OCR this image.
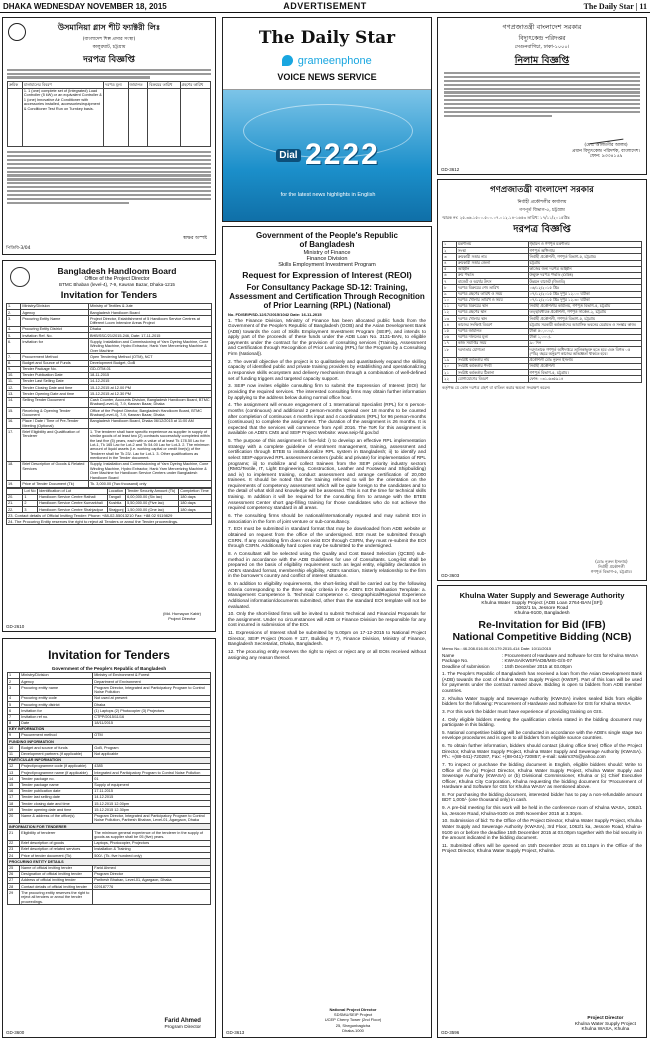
DHAKA WEDNESDAY NOVEMBER 18, 2015	ADVERTISEMENT	The Daily Star | 11
উসমানিয়া গ্লাস শীট ফ্যাক্টরী লিঃ
(বাংলাদেশ শিল্প প্রসার সংস্থা)
কালুরঘাট, চট্টগ্রাম
দরপত্র বিজ্ঞপ্তি
ক্রমিক	মালামালের বিবরণ	দরপত্র মূল্য	জামানত	বিক্রয়ের তারিখ	গ্রহণের তারিখ
	1. 1 (one) complete set of (Integrated) Load Controller (5 kW) or an equivalent Controller & 1 (one) Innovative Air Conditioner with accessories installed, accessories/equipment & Conditioner Test Run on Turnkey basis.				
স্বাক্ষর অস্পষ্ট
পিডিবি-3/04
Bangladesh Handloom Board
Office of the Project Director
BTMC Bhaban (level-4), 7-9, Kawran Bazar, Dhaka-1215
Invitation for Tenders
1.	Ministry/Division	Ministry of Textiles & Jute
2.	Agency	Bangladesh Handloom Board
3.	Procuring Entity Name	Project Director, Establishment of 5 Handloom Service Centres at Different Loom Intensive Areas Project
4.	Procuring Entity District	Dhaka
5.	Invitation Ref. No.	BHB/SSC/21/2015-246, Date: 17-11-2015
6.	Invitation for	Supply, Installation and Commissioning of Yarn Dyeing Machine, Cone Winding Machine, Hydro Extractor, Hank Yarn Mercerizing Machine & Over Machine
7.	Procurement Method	Open Tendering Method (OTM), NCT
8.	Budget and Source of Funds	Development Budget, GoB
9.	Tender Package No.	GD-OTM-01
10.	Tender Publication Date	18-11-2015
11.	Tender Last Selling Date	14-12-2015
12.	Tender Closing Date and time	15-12-2015 at 12.00 PM
13.	Tender Opening Date and time	15-12-2015 at 12.30 PM
14.	Selling Tender Document	Cash Counter, Accounts Division, Bangladesh Handloom Board, BTMC Bhaban(Level-4), 7-9, Kawran Bazar, Dhaka
15.	Receiving & Opening Tender Document	Office of the Project Director, Bangladesh Handloom Board, BTMC Bhaban(Level-4), 7-9, Kawran Bazar, Dhaka
16.	Place / Date / Time of Pre-Tender Meeting (Optional)	Bangladesh Handloom Board, Dhaka 06/12/2015 at 11:00 AM
17.	Brief Eligibility and Qualification of Tenderer	1. The tenderer shall have specific experience as supplier in supply of similar goods of at least two (2) contracts successfully completed within the last five (5) years, each with a value of at least Tk 178.50 Lac for Lot-1, Tk 165 Lac for Lot-2 and Tk 54.00 Lac for Lot-3. 2. The minimum amount of liquid assets (i.e. working capital or credit line(s)) of the Tenderer shall be Tk 23/- Lac for Lot-1. 3. Other qualifications as mentioned in the Tender document.
18.	Brief Description of Goods & Related Services	Supply, Installation and Commissioning of Yarn Dyeing Machine, Cone Winding Machine, Hydro Extractor, Hank Yarn Mercerizing Machine & Over Machine for Handloom Service Centers under Bangladesh Handloom Board
19.	Price of Tender Document (Tk)	Tk. 3,000.00 (Two thousand) only
	Lot No	Identification of Lot	Location	Tender Security Amount (Tk)	Completion Time
20.	1	Handloom Service Centre Rathali	Tangail	6,00,000.00 (Six lac)	180 days
21.	2	Handloom Service Centre Kumarkhali	Kushtia	5,50,000.00 (Five lac)	180 days
22.	3	Handloom Service Centre Shahjadpur	Sirajgonj	1,50,000.00 (One lac)	180 days
23. Contact details of Official Inviting Tender: Phone: +88-02-55013210 Fax: +88 02 9119829
24. The Procuring Entity reserves the right to reject all Tenders or annul the Tender proceedings.
(Md. Humayun Kabir)
Project Director
GD-2610
Invitation for Tenders
Government of the People's Republic of Bangladesh
1	Ministry/Division	Ministry of Environment & Forest
2	Agency	Department of Environment
3	Procuring entity name	Program Director, Integrated and Participatory Program to Control Noise Pollution
4	Procuring entity code	Not used at present
5	Procuring entity district	Dhaka
6	Invitation for	(1) Laptops (2) Photocopier (3) Projectors
7	Invitation ref no.	CTPP/2015/11/16
8	Date	18/11/2015
KEY INFORMATION		
9	Procurement method	OTM
FUNDING INFORMATION		
10	Budget and source of funds	GoB, Program
11	Development partners (if applicable)	Not applicable
PARTICULAR INFORMATION		
12	Project/programme code (if applicable)	4385
13	Project/programme name (if applicable)	Integrated and Participatory Program to Control Noise Pollution
14	Tender package no.	01
15	Tender package name	Supply of equipment
16	Tender publication date	17.11.2015
17	Tender last selling date	14.12.2015
18	Tender closing date and time	15.12.2015 12.00pm
19	Tender opening date and time	15.12.2015 12.30pm
20	Name & address of the office(s)	Program Director, Integrated and Participatory Program to Control Noise Pollution, Paribesh Bhaban, Level-01, Agargaon, Dhaka
INFORMATION FOR TENDERER		
21	Eligibility of tenderer	The minimum general experience of the tenderer in the supply of goods as supplier shall be 05 (five) years.
22	Brief description of goods	Laptops, Photocopier, Projectors
23	Brief description of related services	Installation & Training
24	Price of tender document (Tk)	500/- (Tk. five hundred only)
PROCURING ENTITY DETAILS		
25	Name of official inviting tender	Farid Ahmed
26	Designation of official inviting tender	Program Director
27	Address of official inviting tender	Paribesh Bhaban, Level-01, Agargaon, Dhaka
28	Contact details of official inviting tender	029187776
29	The procuring entity reserves the right to reject all tenders or annul the tender proceedings.	
Farid Ahmed
Program Director
GD-3600
The Daily Star
grameenphone
VOICE NEWS SERVICE
Dial 2222
for the latest news highlights in English
Government of the People's Republic
of Bangladesh
Ministry of Finance
Finance Division
Skills Employment Investment Program
Request for Expression of Interest (REOI)
For Consultancy Package SD-12: Training, Assessment and Certification Through Recognition of Prior Learning (RPL) (National)
No. FD/SEIP/SD-12/17/2015/1042 Date: 16-11-2015

1. The Finance Division, Ministry of Finance has been allocated public funds from the Government of the People's Republic of Bangladesh (GOB) and the Asian Development Bank (ADB) towards the cost of Skills Employment Investment Program (SEIP), and intends to apply part of the proceeds of these funds under the ADB Loan No. 3131-BAN, to eligible payments under the contract for the provision of consulting services (Training, Assessment and Certification through Recognition of Prior Learning (RPL) for the Program by a Consulting Firm (National)).

2. The overall objective of the project is to qualitatively and quantitatively expand the skilling capacity of identified public and private training providers by establishing and operationalizing a responsive skills ecosystem and delivery mechanism through a combination of well-defined set of funding triggers and targeted capacity support.

3. SEIP now invites eligible consulting firm to submit the Expression of Interest (EOI) for providing the required services. The interested consulting firms may obtain further information by applying to the address below during normal office hour.

4. The assignment will ensure engagement of 1 International Specialist (RPL) for 6 person-months (continuous) and additional 2 person-months spread over 18 months to be counted after completion of continuous 4 months input and 4 coordinators (RPL) for 96 person-months (continuous) to complete the assignment. The duration of the assignment is 26 months. It is expected that the services will commence from April 2016. The ToR for this assignment is available on ADB's CMS and SEIP Project Website: www.seip-fd.gov.bd

5. The purpose of this assignment is five-fold: i) to develop an effective RPL implementation strategy with a complete guideline of enrolment management, training, assessment and certification through BTEB to institutionalize RPL system in Bangladesh; ii) to identify and select SEIP-approved RPL assessment centers (public and private) for implementation of RPL programs; iii) to mobilize and collect trainees from the SEIP priority industry sectors (RMG/Textile, IT, Light Engineering, Construction, Leather and Footwear and Shipbuilding) and iv) to implement training, conduct assessment and arrange certification of 20,000 trainees. It should be noted that the training referred to will be the orientation on the requirements of competency assessment which will be quite foreign to the candidates and to the detail of what skill and knowledge will be assessed. This is not the time for technical skills training. In addition it will be required for the consulting firm to arrange with the BTEB Assessment Center short gap-filling training for those candidates who do not achieve the required competency standard in all areas.

6. The consulting firms should be national/internationally reputed and may submit EOI in association in the form of joint venture or sub-consultancy.

7. EOI must be submitted in standard format that may be downloaded from ADB website or obtained on request from the office of the undersigned. EOI must be submitted through CSRN. If any consulting firm does not exist EOI through CSRN, they must re-submit the EOI through CSRN. Additionally hard copies may be submitted to the undersigned.

8. A Consultant will be selected using the Quality and Cost Based Selection (QCBS) sub-method in accordance with the ADB Guidelines for use of Consultants. Long-list shall be prepared on the basis of eligibility requirement such as legal entity, eligibility declaration in ADB's standard format, membership eligibility, ADB's sanction, Sisterly relationship to the firm in the borrower's country and conflict of interest situation.

9. In addition to eligibility requirements, the short-listing shall be carried out by the following criteria corresponding to the three major criteria in the ADB's EOI Evaluation Template: a. Management Competence b. Technical Competence c. Geographical/Regional Experience Additional information/documents submitted, other than the standard EOI template will not be evaluated.

10. Only the short-listed firms will be invited to submit Technical and Financial Proposals for the assignment. Under no circumstances will ADB or Finance Division be responsible for any cost incurred in submission of the EOI.

11. Expressions of Interest shall be submitted by 5.00pm on 17-12-2015 to National Project Director, SEIP Project (Room # 127, Building # 7), Finance Division, Ministry of Finance, Bangladesh Secretariat, Dhaka, Bangladesh.

12. The procuring entity reserves the right to reject or reject any or all EOIs received without assigning any reason thereof.

National Project Director
SDSMU/SEIP Project
UCEP Cherry Tower (2nd Floor)
25, Shegunbagicha
Dhaka-1000
GD-3613
গণপ্রজাতন্ত্রী বাংলাদেশ সরকার
বিদ্যুৎকেন্দ্র পরিদপ্তর
সেগুনবাগিচা, ঢাকা-১০০০।
নিলাম বিজ্ঞপ্তি
(মোঃ আলমগীর আলম)
প্রধান বিদ্যুৎকেন্দ্র পরিদর্শক, বাংলাদেশ।
ফোন: ৯৩৩৪১৫৯
GD-3612
গণপ্রজাতন্ত্রী বাংলাদেশ সরকার
নির্বাহী প্রকৌশলীর কার্যালয়
গণপূর্ত বিভাগ-৫, চট্টগ্রাম
স্মারক নং: ২৫.৩৬.১৫০০.৫০০.০৭.০১২.১৪-১৬৫৩ তারিখ: ১৭/১১/২০১৫খ্রিঃ
দরপত্র বিজ্ঞপ্তি
১	মন্ত্রণালয়	গৃহায়ন ও গণপূর্ত মন্ত্রণালয়
২	সংস্থা	গণপূর্ত অধিদপ্তর
৩	ক্রয়কারী সত্তার নাম	নির্বাহী প্রকৌশলী, গণপূর্ত বিভাগ-৫, চট্টগ্রাম।
৪	ক্রয়কারী সত্তার জেলা	চট্টগ্রাম
৫	আহ্বান	কাজের জন্য দরপত্র আহ্বান
৬	ক্রয় পদ্ধতি	উন্মুক্ত দরপত্র পদ্ধতি (OTM)
৭	বাজেট ও অর্থের উৎস	উন্নয়ন বাজেট (জিওবি)
৮	দরপত্র বিক্রয়ের শেষ তারিখ	০৬/১২/২০১৫ খ্রিঃ
৯	দরপত্র গ্রহণের তারিখ ও সময়	০৭/১২/২০১৫ খ্রিঃ দুপুর ১২.০০ ঘটিকা
১০	দরপত্র খোলার তারিখ ও সময়	০৭/১২/২০১৫ খ্রিঃ দুপুর ১২.৩০ ঘটিকা
১১	দরপত্র বিক্রয়ের স্থান	নির্বাহী প্রকৌশলীর কার্যালয়, গণপূর্ত বিভাগ-৫, চট্টগ্রাম
১২	দরপত্র গ্রহণের স্থান	তত্ত্বাবধায়ক প্রকৌশলী, গণপূর্ত সার্কেল-২, চট্টগ্রাম
১৩	দরপত্র খোলার স্থান	নির্বাহী প্রকৌশলী, গণপূর্ত বিভাগ-৫, চট্টগ্রাম
১৪	কাজের সংক্ষিপ্ত বিবরণ	চট্টগ্রাম সরকারী কর্মকর্তাদের আবাসিক ভবনের মেরামত ও সংস্কার কাজ।
১৫	দরপত্র জামানত	টাকা ৫০,০০০/-
১৬	দরপত্র দলিলের মূল্য	টাকা ১,০০০/-
১৭	কাজ সমাপ্তির সময়	৯০ দিন
১৮	দরদাতার যোগ্যতা	দরদাতাকে গণপূর্ত অধিদপ্তরে তালিকাভুক্ত হতে হবে এবং বিগত ০৫ (পাঁচ) বছরে অনুরূপ কাজের অভিজ্ঞতা থাকতে হবে।
১৯	সংশ্লিষ্ট কর্মকর্তার নাম	প্রকৌশলী মোঃ নুরুল ইসলাম
২০	সংশ্লিষ্ট কর্মকর্তার পদবী	নির্বাহী প্রকৌশলী
২১	সংশ্লিষ্ট কর্মকর্তার ঠিকানা	গণপূর্ত বিভাগ-৫, চট্টগ্রাম।
২২	যোগাযোগের বিবরণ	ফোন: ০৩১-৬৩৫৯১৪
কর্তৃপক্ষ যে কোন দরপত্র গ্রহণ বা বাতিল করার ক্ষমতা সংরক্ষণ করেন।
(মোঃ নুরুল ইসলাম)
নির্বাহী প্রকৌশলী
গণপূর্ত বিভাগ-৫, চট্টগ্রাম।
GD-3603
Khulna Water Supply and Sewerage Authority
Khulna Water Supply Project (ADB Loan 2764-BAN [SF])
1062/1 ta, Jessore Road
Khulna-9100, Bangladesh
Re-Invitation for Bid (IFB)
National Competitive Bidding (NCB)
Memo No.: 46.208.016.00.00.179.2015-414 Date: 10/11/2015
Name	: Procurement of Hardware and Software for GIS for Khulna WASA
Package No.	: KWASA/KWSP/ADB/MIS-G/S-07
Deadline of submission	: 15th December 2015 at 03.00pm

1. The People's Republic of Bangladesh has received a loan from the Asian Development Bank (ADB) towards the cost of Khulna Water Supply Project (KWSP). Part of this loan will be used for payments under the contract named above. Bidding is open to bidders from ADB member countries.

2. Khulna Water Supply and Sewerage Authority (KWASA) invites sealed bids from eligible bidders for the following: Procurement of Hardware and Software for GIS for Khulna WASA

3. For this work the bidder must have experience of providing training on GIS.

4. Only eligible bidders meeting the qualification criteria stated in the bidding document may participate in this bidding.

5. National competitive bidding will be conducted in accordance with the ADB's single stage two envelope procedures and is open to all bidders from eligible source countries.

6. To obtain further information, bidders should contact (during office time) Office of the Project Director, Khulna Water Supply Project, Khulna Water Supply and Sewerage Authority (KWASA). Ph.: +(88-041)-720287, Fax: +(88-041)-720857; e-mail: sakim376@yahoo.com

7. To inspect or purchase the bidding document in English, eligible bidders should: Write to Office of the (a) Project Director, Khulna Water Supply Project, Khulna Water Supply and Sewerage Authority (KWASA) or (b) Divisional Commissioner, Khulna or (c) Chief Executive Officer, Khulna City Corporation, Khulna requesting the bidding document for 'Procurement of Hardware and Software for GIS for Khulna WASA' as mentioned above.

8. For purchasing the bidding document, interested bidder has to pay a non-refundable amount BDT 1,000/- (one thousand only) in cash.

9. A pre-bid meeting for this work will be held in the conference room of Khulna WASA, 1062/1 ka, Jessore Road, Khulna-9100 on 29th November 2015 at 3.30pm.

10. Submission of bid: To the Office of the Project Director, Khulna Water Supply Project, Khulna Water Supply and Sewerage Authority (KWASA), 3rd Floor, 1062/1 ka, Jessore Road, Khulna-9100 on or before the deadline 15th December 2015 at 03.00pm together with the bid security in the amount indicated in the bidding document.

11. Submitted offers will be opened on 15th December 2015 at 03.15pm in the Office of the Project Director, Khulna Water Supply Project, Khulna.

Project Director
Khulna Water Supply Project
Khulna WASA, Khulna
GD-3596
